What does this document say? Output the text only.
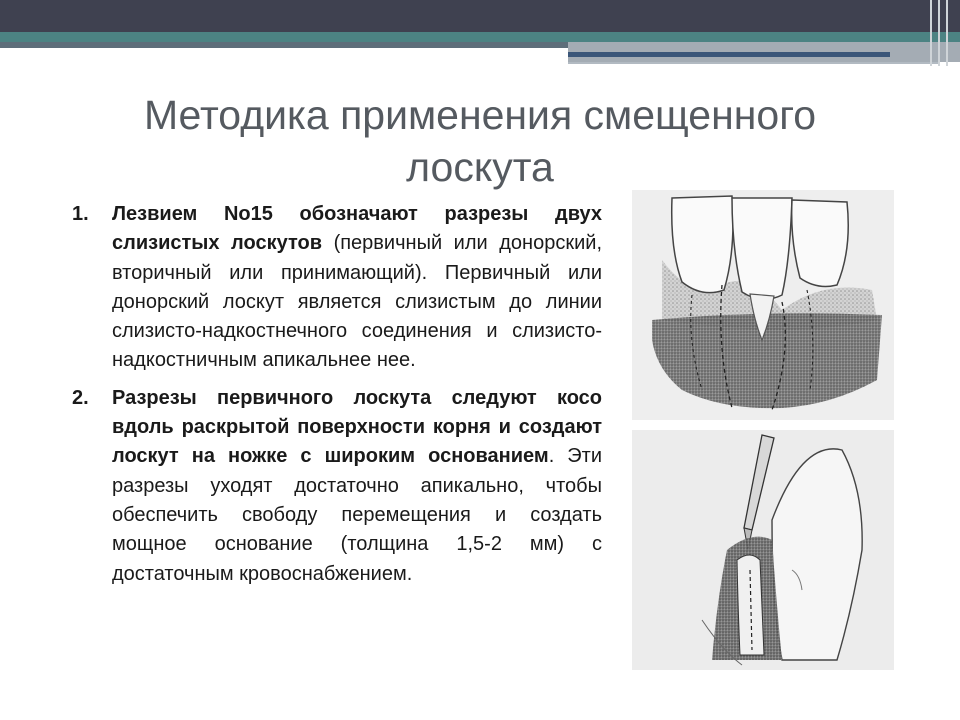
Методика применения смещенного
лоскута
1. Лезвием No15 обозначают разрезы двух слизистых лоскутов (первичный или донорский, вторичный или принимающий). Первичный или донорский лоскут является слизистым до линии слизисто-надкостнечного соединения и слизисто-надкостничным апикальнее нее.
2. Разрезы первичного лоскута следуют косо вдоль раскрытой поверхности корня и создают лоскут на ножке с широким основанием. Эти разрезы уходят достаточно апикально, чтобы обеспечить свободу перемещения и создать мощное основание (толщина 1,5-2 мм) с достаточным кровоснабжением.
